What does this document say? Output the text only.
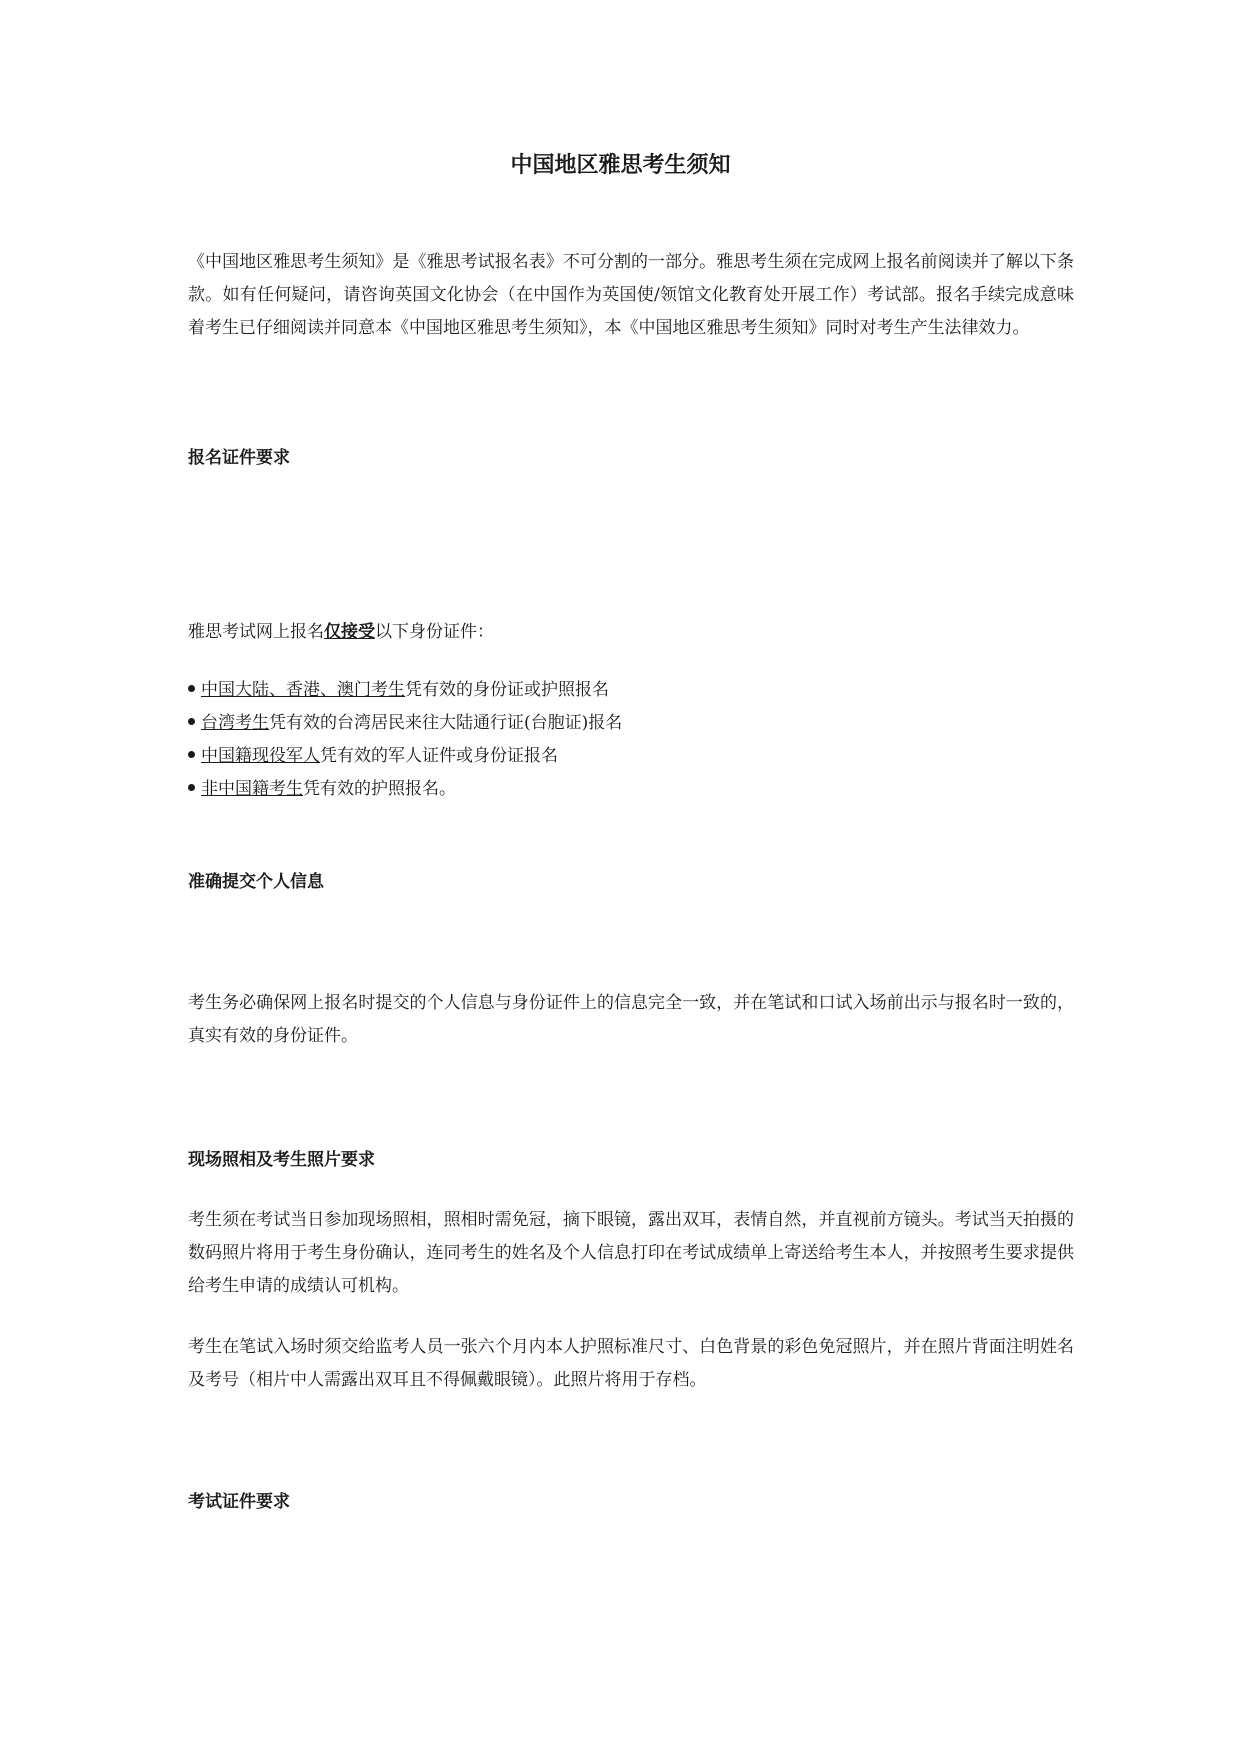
中国地区雅思考生须知

《中国地区雅思考生须知》是《雅思考试报名表》不可分割的一部分。雅思考生须在完成网上报名前阅读并了解以下条款。如有任何疑问，请咨询英国文化协会（在中国作为英国使/领馆文化教育处开展工作）考试部。报名手续完成意味着考生已仔细阅读并同意本《中国地区雅思考生须知》，本《中国地区雅思考生须知》同时对考生产生法律效力。

报名证件要求

雅思考试网上报名仅接受以下身份证件：

中国大陆、香港、澳门考生 凭有效的身份证或护照报名
台湾考生 凭有效的台湾居民来往大陆通行证(台胞证)报名
中国籍现役军人 凭有效的军人证件或身份证报名
非中国籍考生 凭有效的护照报名。
准确提交个人信息

考生务必确保网上报名时提交的个人信息与身份证件上的信息完全一致，并在笔试和口试入场前出示与报名时一致的，真实有效的身份证件。

现场照相及考生照片要求

考生须在考试当日参加现场照相，照相时需免冠，摘下眼镜，露出双耳，表情自然，并直视前方镜头。考试当天拍摄的数码照片将用于考生身份确认，连同考生的姓名及个人信息打印在考试成绩单上寄送给考生本人，并按照考生要求提供给考生申请的成绩认可机构。

考生在笔试入场时须交给监考人员一张六个月内本人护照标准尺寸、白色背景的彩色免冠照片，并在照片背面注明姓名及考号（相片中人需露出双耳且不得佩戴眼镜）。此照片将用于存档。

考试证件要求
